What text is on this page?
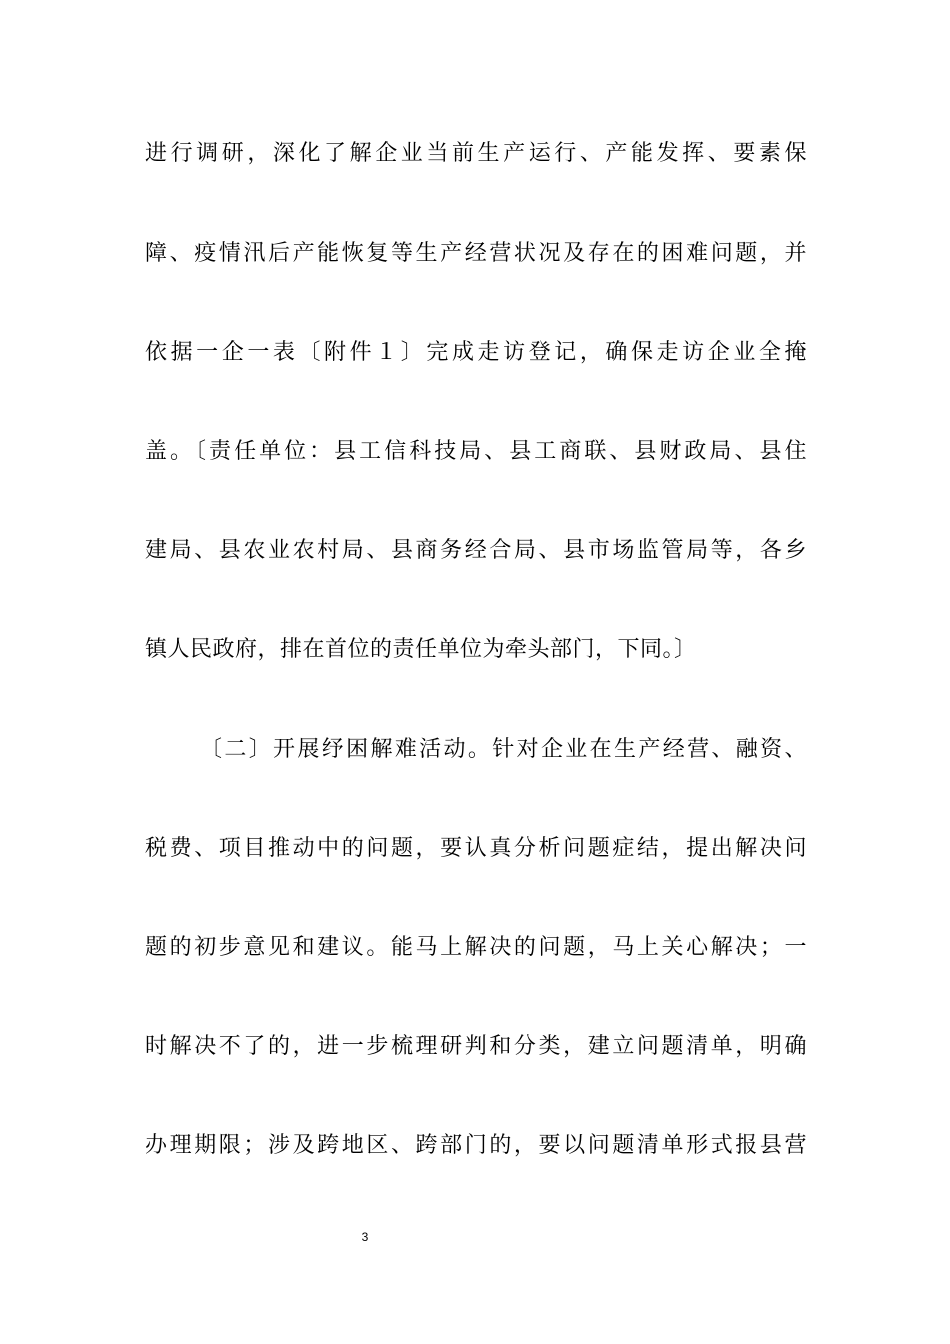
进行调研，深化了解企业当前生产运行、产能发挥、要素保
障、疫情汛后产能恢复等生产经营状况及存在的困难问题，并
依据一企一表〔附件１〕完成走访登记，确保走访企业全掩
盖。〔责任单位：县工信科技局、县工商联、县财政局、县住
建局、县农业农村局、县商务经合局、县市场监管局等，各乡
镇人民政府，排在首位的责任单位为牵头部门，下同。〕
〔二〕开展纾困解难活动。针对企业在生产经营、融资、
税费、项目推动中的问题，要认真分析问题症结，提出解决问
题的初步意见和建议。能马上解决的问题，马上关心解决；一
时解决不了的，进一步梳理研判和分类，建立问题清单，明确
办理期限；涉及跨地区、跨部门的，要以问题清单形式报县营
3
